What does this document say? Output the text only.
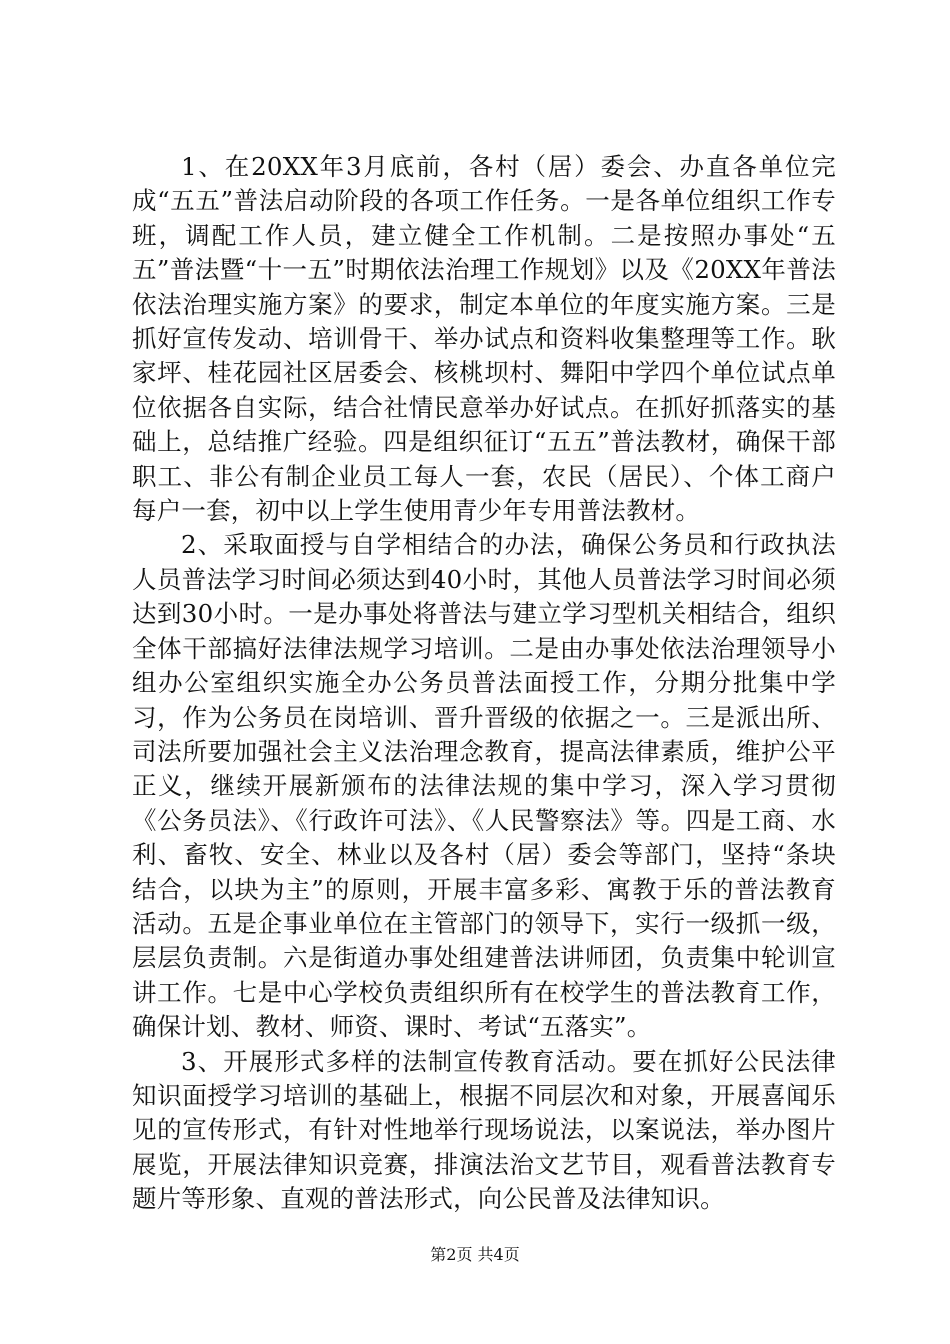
1、在20XX年3月底前，各村（居）委会、办直各单位完成“五五”普法启动阶段的各项工作任务。一是各单位组织工作专班，调配工作人员，建立健全工作机制。二是按照办事处“五五”普法暨“十一五”时期依法治理工作规划》以及《20XX年普法依法治理实施方案》的要求，制定本单位的年度实施方案。三是抓好宣传发动、培训骨干、举办试点和资料收集整理等工作。耿家坪、桂花园社区居委会、核桃坝村、舞阳中学四个单位试点单位依据各自实际，结合社情民意举办好试点。在抓好抓落实的基础上，总结推广经验。四是组织征订“五五”普法教材，确保干部职工、非公有制企业员工每人一套，农民（居民）、个体工商户每户一套，初中以上学生使用青少年专用普法教材。

2、采取面授与自学相结合的办法，确保公务员和行政执法人员普法学习时间必须达到40小时，其他人员普法学习时间必须达到30小时。一是办事处将普法与建立学习型机关相结合，组织全体干部搞好法律法规学习培训。二是由办事处依法治理领导小组办公室组织实施全办公务员普法面授工作，分期分批集中学习，作为公务员在岗培训、晋升晋级的依据之一。三是派出所、司法所要加强社会主义法治理念教育，提高法律素质，维护公平正义，继续开展新颁布的法律法规的集中学习，深入学习贯彻《公务员法》、《行政许可法》、《人民警察法》等。四是工商、水利、畜牧、安全、林业以及各村（居）委会等部门，坚持“条块结合，以块为主”的原则，开展丰富多彩、寓教于乐的普法教育活动。五是企事业单位在主管部门的领导下，实行一级抓一级，层层负责制。六是街道办事处组建普法讲师团，负责集中轮训宣讲工作。七是中心学校负责组织所有在校学生的普法教育工作，确保计划、教材、师资、课时、考试“五落实”。

3、开展形式多样的法制宣传教育活动。要在抓好公民法律知识面授学习培训的基础上，根据不同层次和对象，开展喜闻乐见的宣传形式，有针对性地举行现场说法，以案说法，举办图片展览，开展法律知识竞赛，排演法治文艺节目，观看普法教育专题片等形象、直观的普法形式，向公民普及法律知识。

第2页 共4页
